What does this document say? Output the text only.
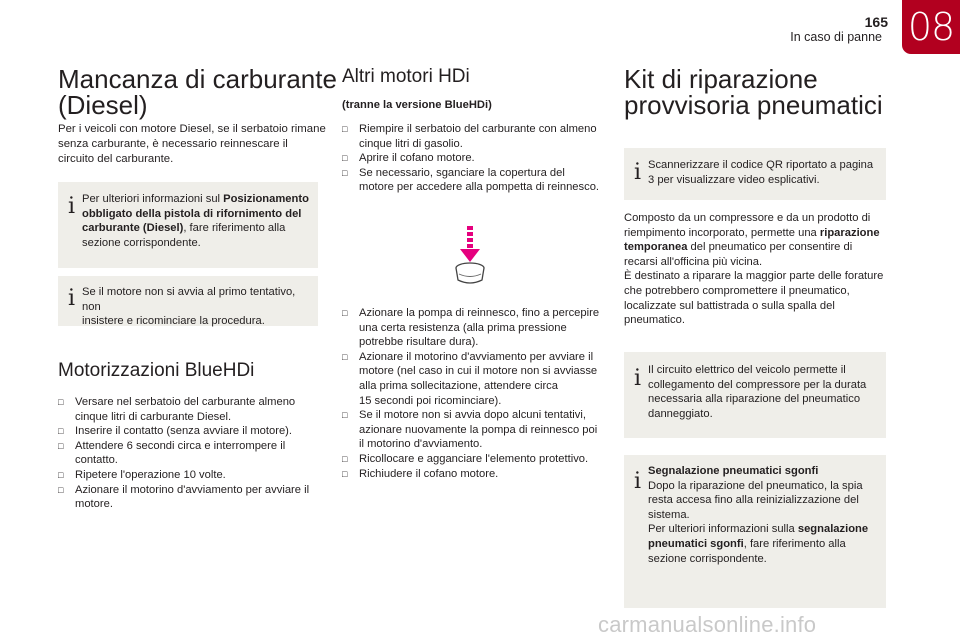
165
In caso di panne 08
Mancanza di carburante
(Diesel)

Per i veicoli con motore Diesel, se il serbatoio rimane
senza carburante, è necessario reinnescare il
circuito del carburante.

i Per ulteriori informazioni sul Posizionamento
obbligato della pistola di rifornimento del
carburante (Diesel), fare riferimento alla
sezione corrispondente.
i Se il motore non si avvia al primo tentativo, non
insistere e ricominciare la procedura.
Motorizzazioni BlueHDi
□ Versare nel serbatoio del carburante almeno
cinque litri di carburante Diesel.
□ Inserire il contatto (senza avviare il motore).
□ Attendere 6 secondi circa e interrompere il
contatto.
□ Ripetere l'operazione 10 volte.
□ Azionare il motorino d'avviamento per avviare il
motore.
Altri motori HDi
(tranne la versione BlueHDi)
□ Riempire il serbatoio del carburante con almeno
cinque litri di gasolio.
□ Aprire il cofano motore.
□ Se necessario, sganciare la copertura del
motore per accedere alla pompetta di reinnesco.
□ Azionare la pompa di reinnesco, fino a percepire
una certa resistenza (alla prima pressione
potrebbe risultare dura).
□ Azionare il motorino d'avviamento per avviare il
motore (nel caso in cui il motore non si avviasse
alla prima sollecitazione, attendere circa
15 secondi poi ricominciare).
□ Se il motore non si avvia dopo alcuni tentativi,
azionare nuovamente la pompa di reinnesco poi
il motorino d'avviamento.
□ Ricollocare e agganciare l'elemento protettivo.
□ Richiudere il cofano motore.
Kit di riparazione
provvisoria pneumatici
i Scannerizzare il codice QR riportato a pagina
3 per visualizzare video esplicativi.

Composto da un compressore e da un prodotto di
riempimento incorporato, permette una riparazione
temporanea del pneumatico per consentire di
recarsi all'officina più vicina.
È destinato a riparare la maggior parte delle forature
che potrebbero compromettere il pneumatico,
localizzate sul battistrada o sulla spalla del
pneumatico.

i Il circuito elettrico del veicolo permette il
collegamento del compressore per la durata
necessaria alla riparazione del pneumatico
danneggiato.
i Segnalazione pneumatici sgonfi
Dopo la riparazione del pneumatico, la spia
resta accesa fino alla reinizializzazione del
sistema.
Per ulteriori informazioni sulla segnalazione
pneumatici sgonfi, fare riferimento alla
sezione corrispondente.
carmanualsonline.info
